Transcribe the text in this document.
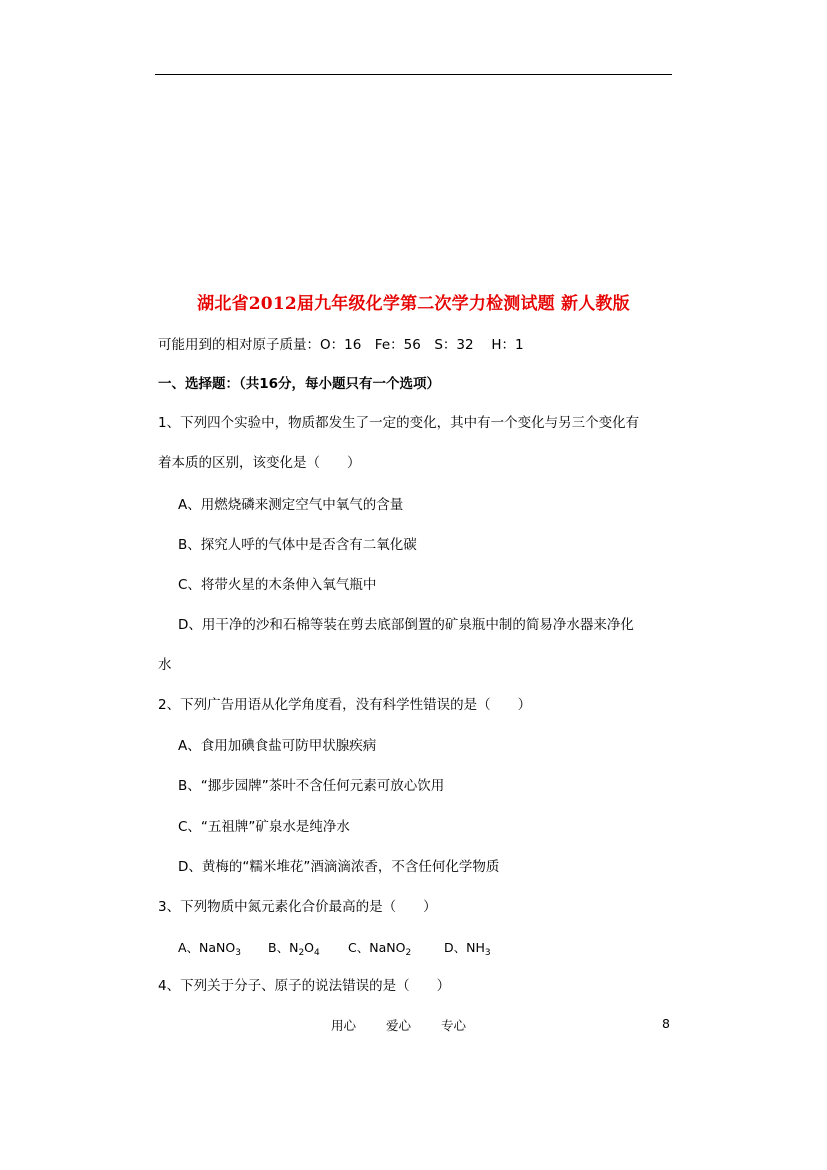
湖北省2012届九年级化学第二次学力检测试题 新人教版
可能用到的相对原子质量：O：16　Fe：56　S：32　 H：1
一、选择题：（共16分，每小题只有一个选项）
1、下列四个实验中，物质都发生了一定的变化，其中有一个变化与另三个变化有
着本质的区别，该变化是（　　）
A、用燃烧磷来测定空气中氧气的含量
B、探究人呼的气体中是否含有二氧化碳
C、将带火星的木条伸入氧气瓶中
D、用干净的沙和石棉等装在剪去底部倒置的矿泉瓶中制的简易净水器来净化
水
2、下列广告用语从化学角度看，没有科学性错误的是（　　）
A、食用加碘食盐可防甲状腺疾病
B、“挪步园牌”茶叶不含任何元素可放心饮用
C、“五祖牌”矿泉水是纯净水
D、黄梅的“糯米堆花”酒滴滴浓香，不含任何化学物质
3、下列物质中氮元素化合价最高的是（　　）
A、NaNO$_3$ B、$N_2O_4$ C、NaNO$_2$	D、$NH_3$
4、下列关于分子、原子的说法错误的是（　　）
用心 爱心 专心	8
